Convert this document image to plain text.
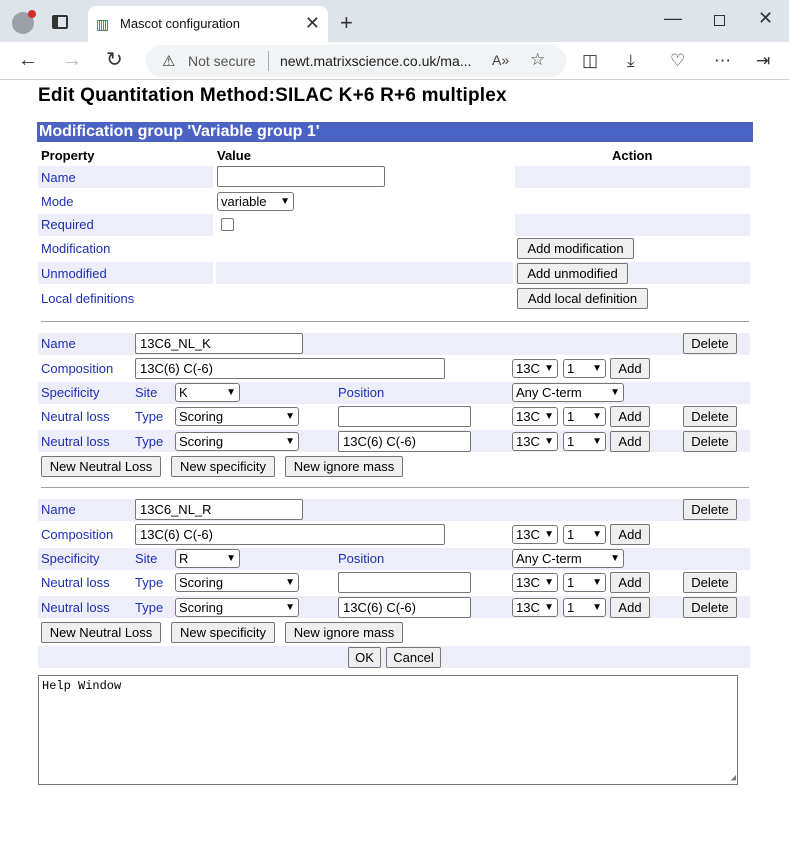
▥ Mascot configuration	✕ +	—	✕
← → ↻	⚠ Not secure newt.matrixscience.co.uk/ma... A» ☆ ◫ ⤓ ♡ ⋯ ⇥
Edit Quantitation Method:SILAC K+6 R+6 multiplex
Modification group 'Variable group 1'
Property	Value	Action
Name
Mode	variable ▼
Required
Modification	Add modification
Unmodified	Add unmodified
Local definitions	Add local definition
Name	13C6_NL_K	Delete
Composition	13C(6) C(-6)	13C ▼	1 ▼	Add
Specificity	Site	K	▼	Position	Any C-term	▼
Neutral loss Type	Scoring	▼	13C ▼	1 ▼	Add	Delete
Neutral loss Type	Scoring	▼	13C(6) C(-6)	13C ▼	1 ▼	Add	Delete
New Neutral Loss	New specificity	New ignore mass
Name	13C6_NL_R	Delete
Composition	13C(6) C(-6)	13C ▼	1 ▼	Add
Specificity	Site	R	▼	Position	Any C-term	▼
Neutral loss Type	Scoring	▼	13C ▼	1 ▼	Add	Delete
Neutral loss Type	Scoring	▼	13C(6) C(-6)	13C ▼	1 ▼	Add	Delete
New Neutral Loss	New specificity	New ignore mass
OK	Cancel
Help Window
◢
